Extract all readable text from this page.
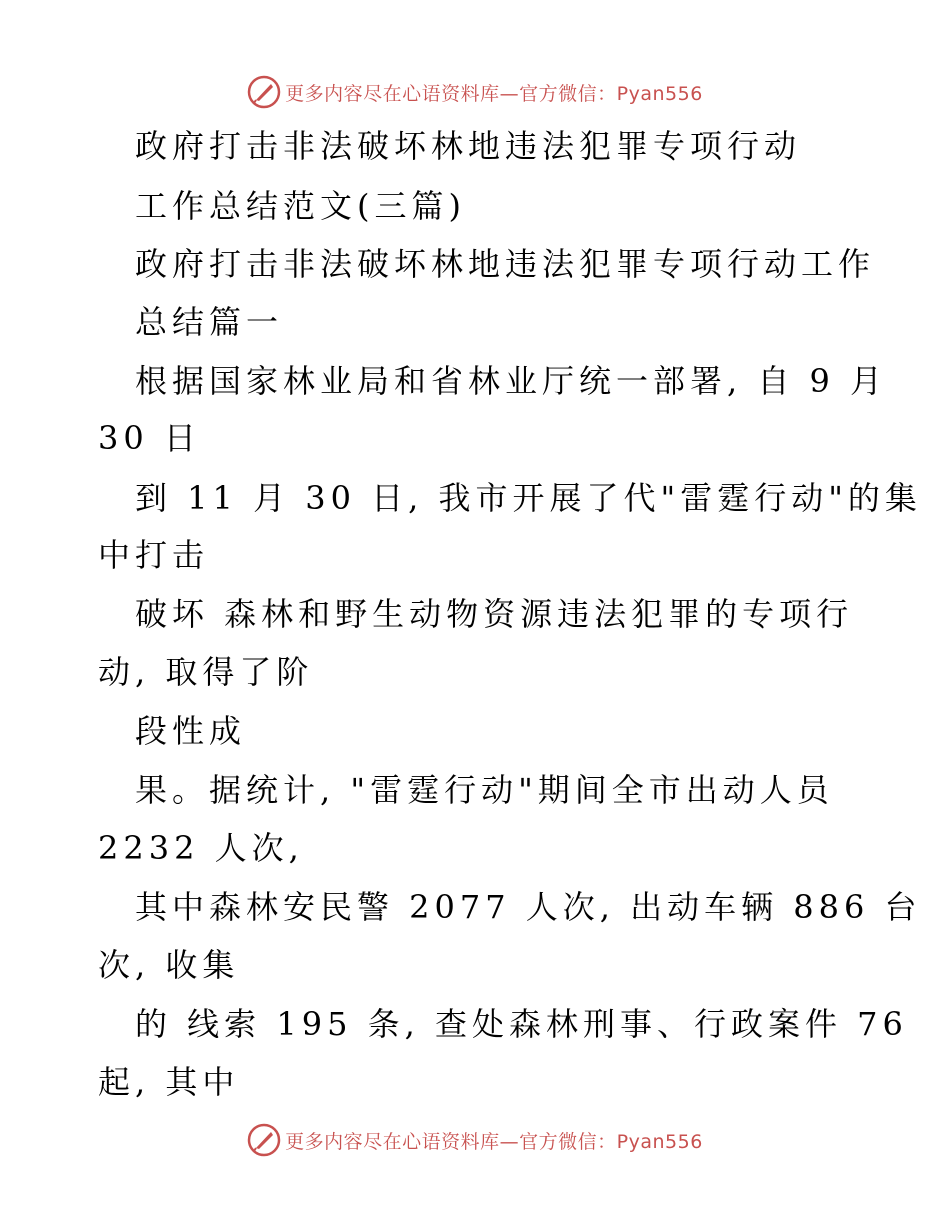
更多内容尽在心语资料库—官方微信：Pyan556
政府打击非法破坏林地违法犯罪专项行动
工作总结范文(三篇)
政府打击非法破坏林地违法犯罪专项行动工作
总结篇一
根据国家林业局和省林业厅统一部署, 自 9 月
30 日
到 11 月 30 日, 我市开展了代"雷霆行动"的集
中打击
破坏 森林和野生动物资源违法犯罪的专项行
动, 取得了阶
段性成
果。据统计, "雷霆行动"期间全市出动人员
2232 人次,
其中森林安民警 2077 人次, 出动车辆 886 台
次, 收集
的 线索 195 条, 查处森林刑事、行政案件 76
起, 其中
更多内容尽在心语资料库—官方微信：Pyan556
